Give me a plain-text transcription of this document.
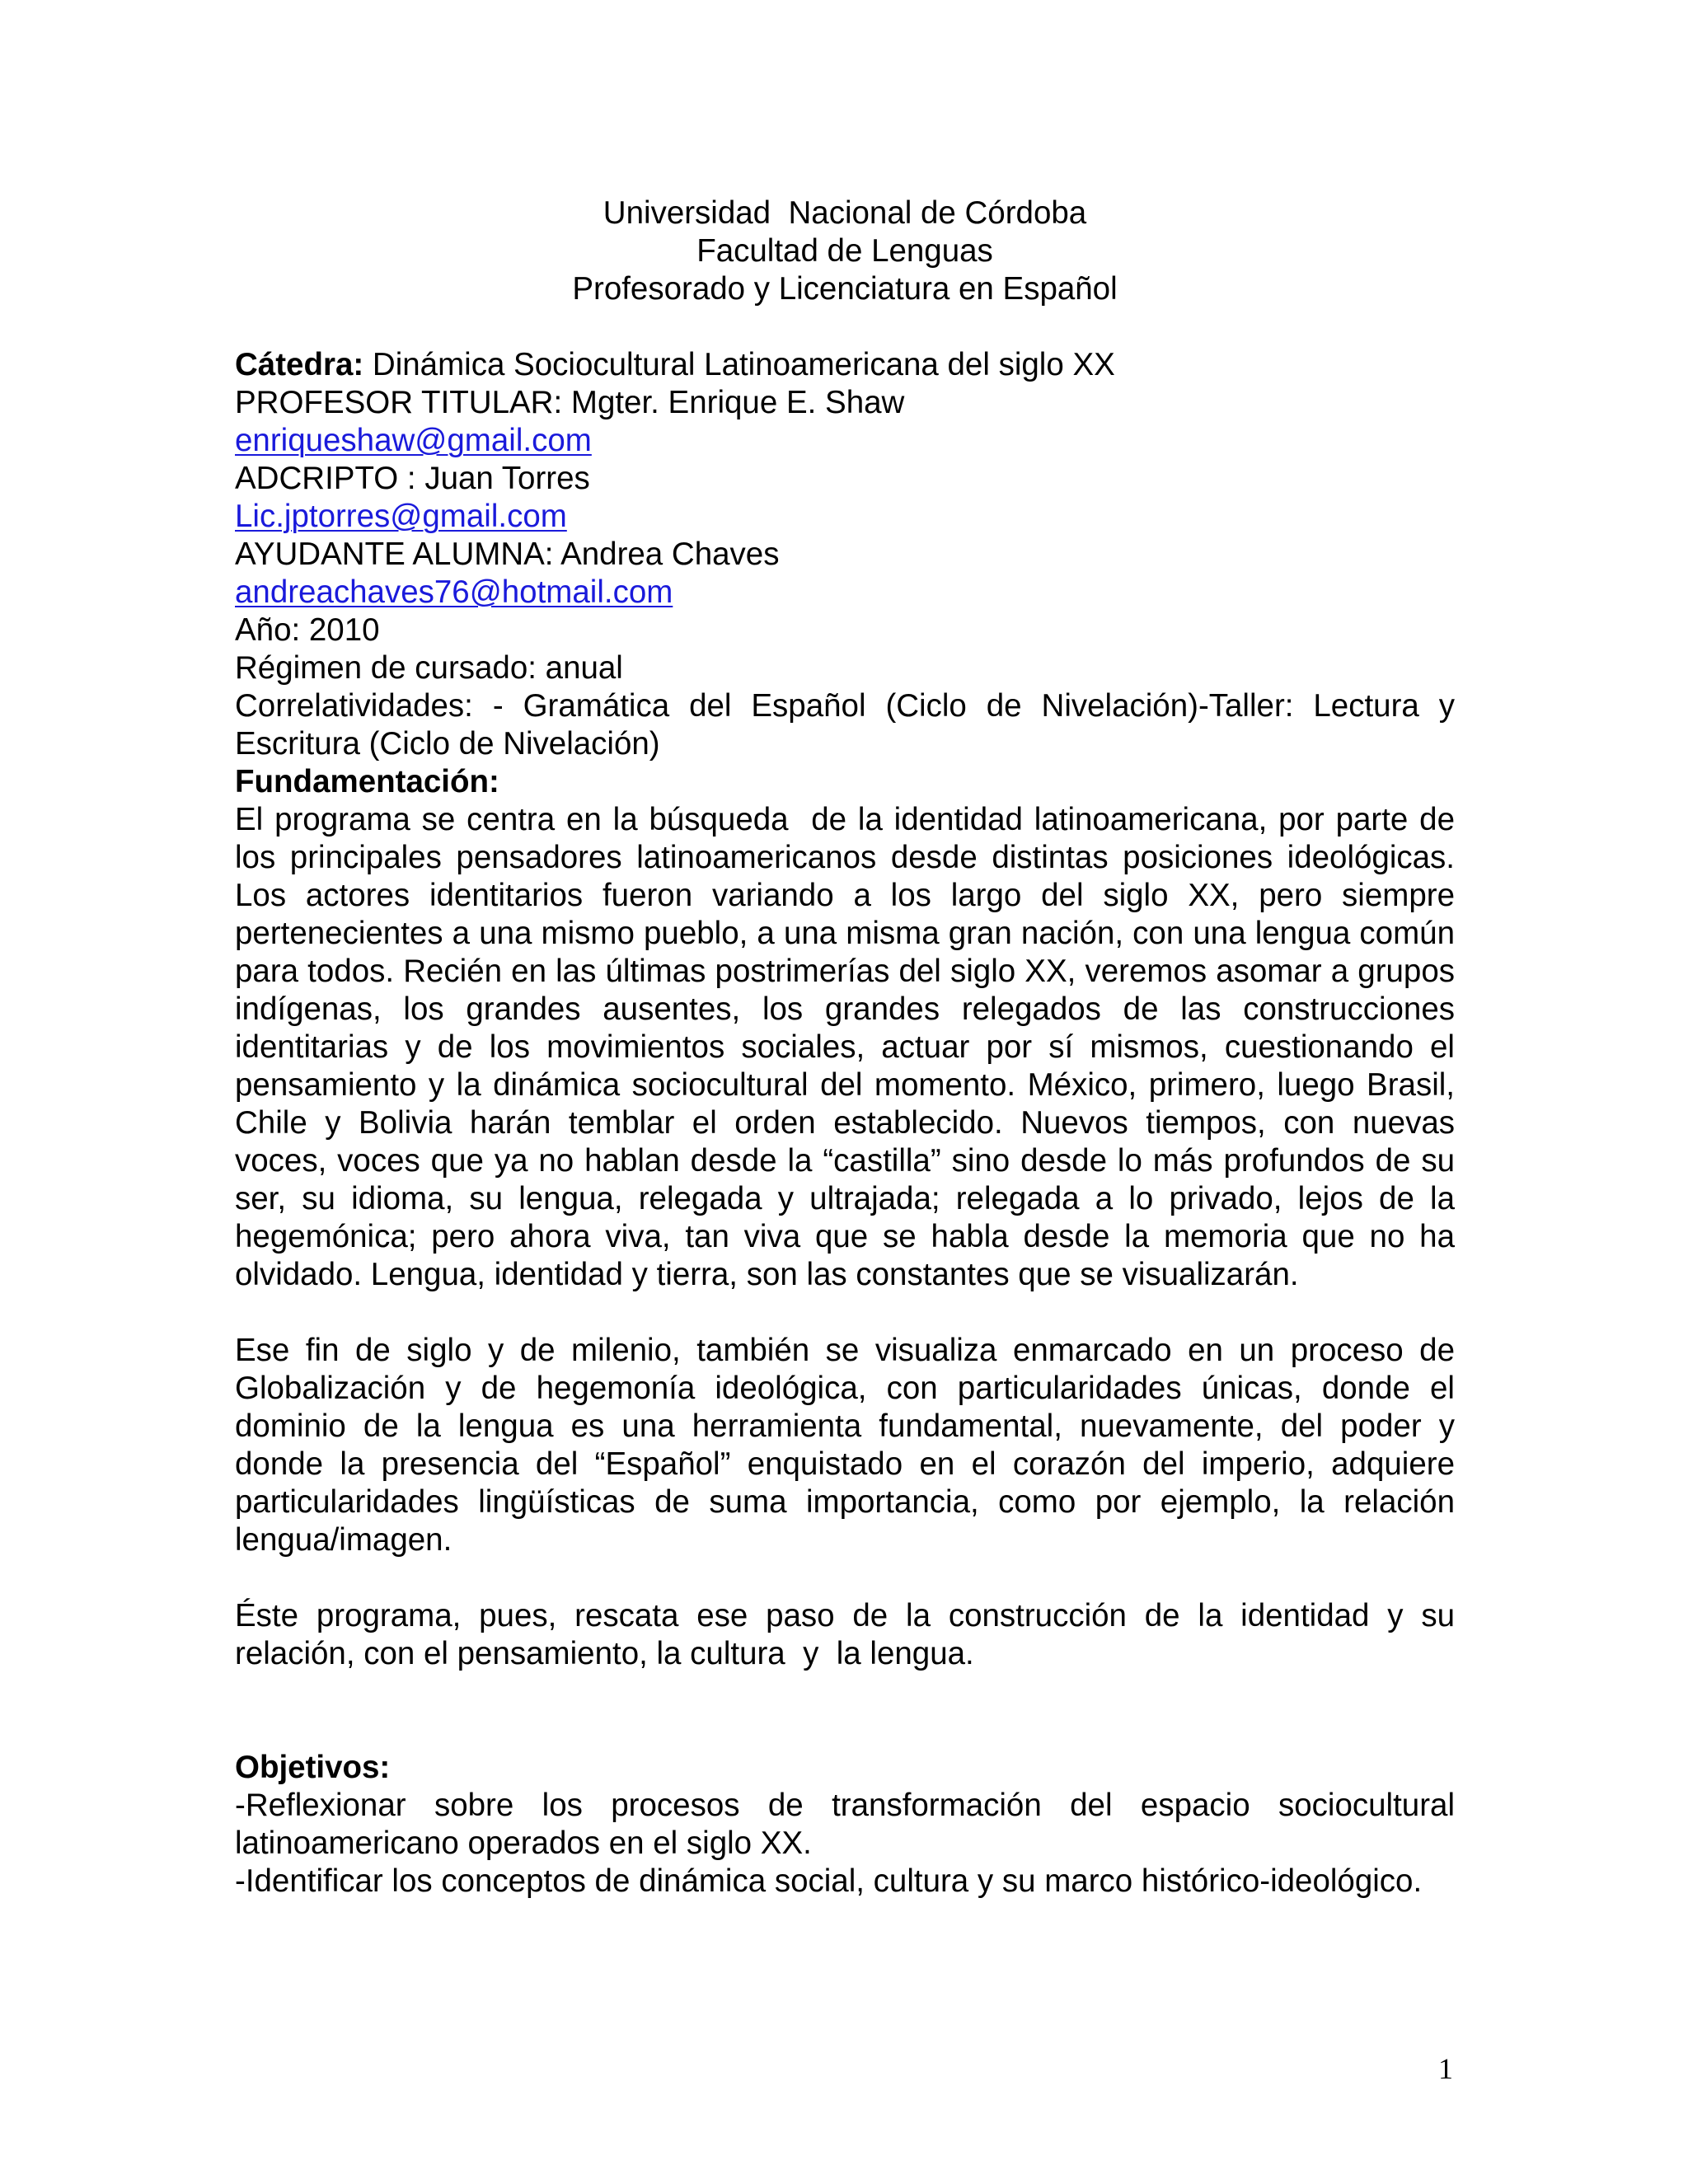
Universidad  Nacional de Córdoba
Facultad de Lenguas
Profesorado y Licenciatura en Español
Cátedra: Dinámica Sociocultural Latinoamericana del siglo XX
PROFESOR TITULAR: Mgter. Enrique E. Shaw
enriqueshaw@gmail.com
ADCRIPTO : Juan Torres
Lic.jptorres@gmail.com
AYUDANTE ALUMNA: Andrea Chaves
andreachaves76@hotmail.com
Año: 2010
Régimen de cursado: anual
Correlatividades: - Gramática del Español (Ciclo de Nivelación)-Taller: Lectura y Escritura (Ciclo de Nivelación)
Fundamentación:
El programa se centra en la búsqueda  de la identidad latinoamericana, por parte de los principales pensadores latinoamericanos desde distintas posiciones ideológicas. Los actores identitarios fueron variando a los largo del siglo XX, pero siempre pertenecientes a una mismo pueblo, a una misma gran nación, con una lengua común para todos. Recién en las últimas postrimerías del siglo XX, veremos asomar a grupos indígenas, los grandes ausentes, los grandes relegados de las construcciones identitarias y de los movimientos sociales, actuar por sí mismos, cuestionando el pensamiento y la dinámica sociocultural del momento. México, primero, luego Brasil, Chile y Bolivia harán temblar el orden establecido. Nuevos tiempos, con nuevas voces, voces que ya no hablan desde la “castilla” sino desde lo más profundos de su ser, su idioma, su lengua, relegada y ultrajada; relegada a lo privado, lejos de la hegemónica; pero ahora viva, tan viva que se habla desde la memoria que no ha olvidado. Lengua, identidad y tierra, son las constantes que se visualizarán.
Ese fin de siglo y de milenio, también se visualiza enmarcado en un proceso de Globalización y de hegemonía ideológica, con particularidades únicas, donde el dominio de la lengua es una herramienta fundamental, nuevamente, del poder y donde la presencia del “Español” enquistado en el corazón del imperio, adquiere particularidades lingüísticas de suma importancia, como por ejemplo, la relación lengua/imagen.
Éste programa, pues, rescata ese paso de la construcción de la identidad y su relación, con el pensamiento, la cultura  y  la lengua.
Objetivos:
-Reflexionar sobre los procesos de transformación del espacio sociocultural latinoamericano operados en el siglo XX.
-Identificar los conceptos de dinámica social, cultura y su marco histórico-ideológico.
1
